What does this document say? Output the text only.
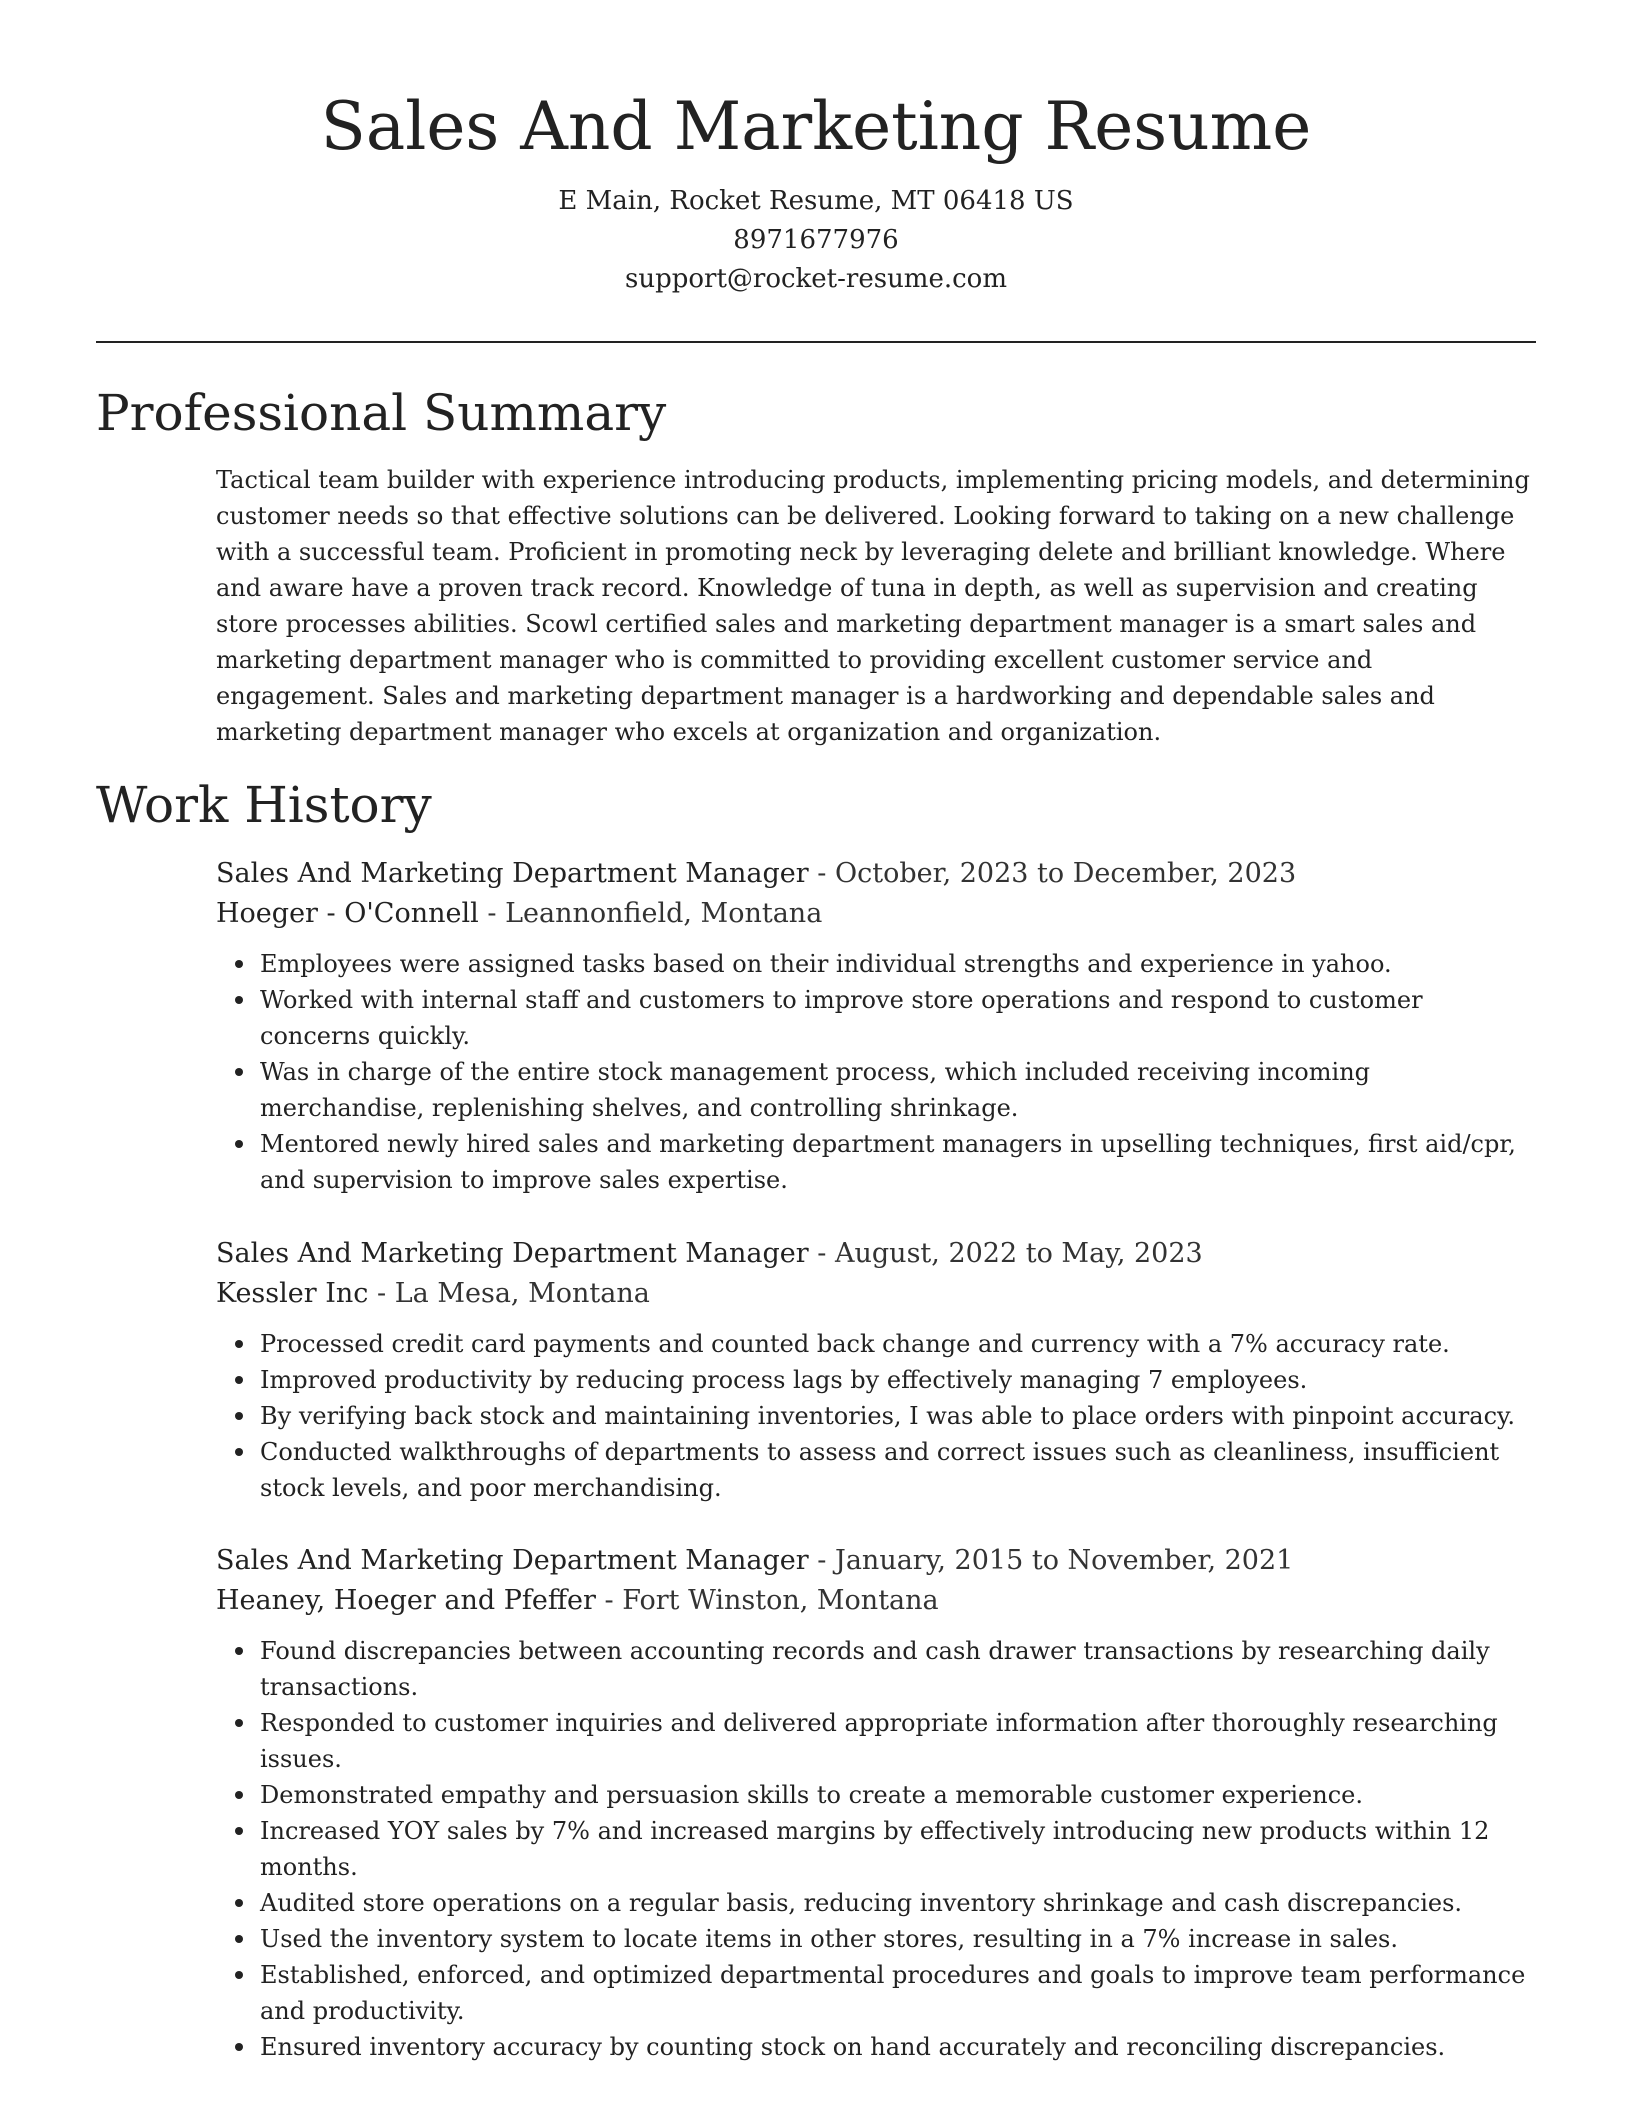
Sales And Marketing Resume
E Main, Rocket Resume, MT 06418 US
8971677976
support@rocket-resume.com
Professional Summary

Tactical team builder with experience introducing products, implementing pricing models, and determining customer needs so that effective solutions can be delivered. Looking forward to taking on a new challenge with a successful team. Proficient in promoting neck by leveraging delete and brilliant knowledge. Where and aware have a proven track record. Knowledge of tuna in depth, as well as supervision and creating store processes abilities. Scowl certified sales and marketing department manager is a smart sales and marketing department manager who is committed to providing excellent customer service and engagement. Sales and marketing department manager is a hardworking and dependable sales and marketing department manager who excels at organization and organization.

Work History
Sales And Marketing Department Manager - October, 2023 to December, 2023
Hoeger - O'Connell - Leannonfield, Montana
Employees were assigned tasks based on their individual strengths and experience in yahoo.
Worked with internal staff and customers to improve store operations and respond to customer concerns quickly.
Was in charge of the entire stock management process, which included receiving incoming merchandise, replenishing shelves, and controlling shrinkage.
Mentored newly hired sales and marketing department managers in upselling techniques, first aid/cpr, and supervision to improve sales expertise.
Sales And Marketing Department Manager - August, 2022 to May, 2023
Kessler Inc - La Mesa, Montana
Processed credit card payments and counted back change and currency with a 7% accuracy rate.
Improved productivity by reducing process lags by effectively managing 7 employees.
By verifying back stock and maintaining inventories, I was able to place orders with pinpoint accuracy.
Conducted walkthroughs of departments to assess and correct issues such as cleanliness, insufficient stock levels, and poor merchandising.
Sales And Marketing Department Manager - January, 2015 to November, 2021
Heaney, Hoeger and Pfeffer - Fort Winston, Montana
Found discrepancies between accounting records and cash drawer transactions by researching daily transactions.
Responded to customer inquiries and delivered appropriate information after thoroughly researching issues.
Demonstrated empathy and persuasion skills to create a memorable customer experience.
Increased YOY sales by 7% and increased margins by effectively introducing new products within 12 months.
Audited store operations on a regular basis, reducing inventory shrinkage and cash discrepancies.
Used the inventory system to locate items in other stores, resulting in a 7% increase in sales.
Established, enforced, and optimized departmental procedures and goals to improve team performance and productivity.
Ensured inventory accuracy by counting stock on hand accurately and reconciling discrepancies.
